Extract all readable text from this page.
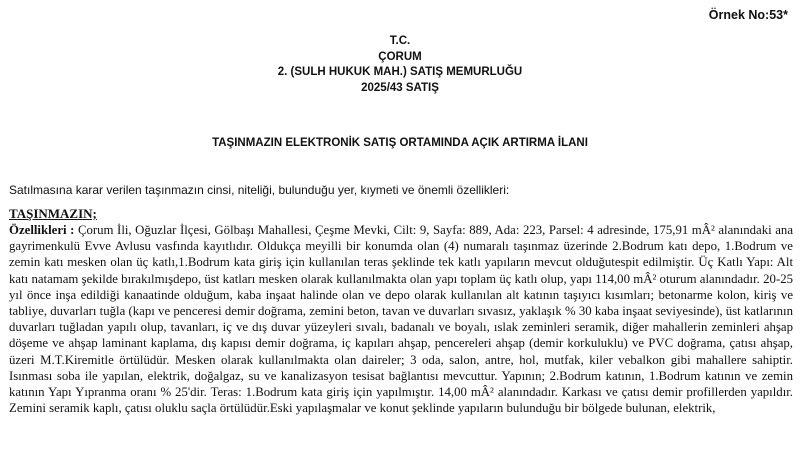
Örnek No:53*

T.C.
ÇORUM
2. (SULH HUKUK MAH.) SATIŞ MEMURLUĞU
2025/43 SATIŞ

TAŞINMAZIN ELEKTRONİK SATIŞ ORTAMINDA AÇIK ARTIRMA İLANI

Satılmasına karar verilen taşınmazın cinsi, niteliği, bulunduğu yer, kıymeti ve önemli özellikleri:

TAŞINMAZIN;

Özellikleri : Çorum İli, Oğuzlar İlçesi, Gölbaşı Mahallesi, Çeşme Mevki, Cilt: 9, Sayfa: 889, Ada: 223, Parsel: 4 adresinde, 175,91 mÂ² alanındaki ana gayrimenkulü Evve Avlusu vasfında kayıtlıdır. Oldukça meyilli bir konumda olan (4) numaralı taşınmaz üzerinde 2.Bodrum katı depo, 1.Bodrum ve zemin katı mesken olan üç katlı,1.Bodrum kata giriş için kullanılan teras şeklinde tek katlı yapıların mevcut olduğutespit edilmiştir. Üç Katlı Yapı: Alt katı natamam şekilde bırakılmışdepo, üst katları mesken olarak kullanılmakta olan yapı toplam üç katlı olup, yapı 114,00 mÂ² oturum alanındadır. 20-25 yıl önce inşa edildiği kanaatinde olduğum, kaba inşaat halinde olan ve depo olarak kullanılan alt katının taşıyıcı kısımları; betonarme kolon, kiriş ve tabliye, duvarları tuğla (kapı ve penceresi demir doğrama, zemini beton, tavan ve duvarları sıvasız, yaklaşık % 30 kaba inşaat seviyesinde), üst katlarının duvarları tuğladan yapılı olup, tavanları, iç ve dış duvar yüzeyleri sıvalı, badanalı ve boyalı, ıslak zeminleri seramik, diğer mahallerin zeminleri ahşap döşeme ve ahşap laminant kaplama, dış kapısı demir doğrama, iç kapıları ahşap, pencereleri ahşap (demir korkuluklu) ve PVC doğrama, çatısı ahşap, üzeri M.T.Kiremitle örtülüdür. Mesken olarak kullanılmakta olan daireler; 3 oda, salon, antre, hol, mutfak, kiler vebalkon gibi mahallere sahiptir. Isınması soba ile yapılan, elektrik, doğalgaz, su ve kanalizasyon tesisat bağlantısı mevcuttur. Yapının; 2.Bodrum katının, 1.Bodrum katının ve zemin katının Yapı Yıpranma oranı % 25'dir. Teras: 1.Bodrum kata giriş için yapılmıştır. 14,00 mÂ² alanındadır. Karkası ve çatısı demir profillerden yapıldır. Zemini seramik kaplı, çatısı oluklu saçla örtülüdür.Eski yapılaşmalar ve konut şeklinde yapıların bulunduğu bir bölgede bulunan, elektrik,
